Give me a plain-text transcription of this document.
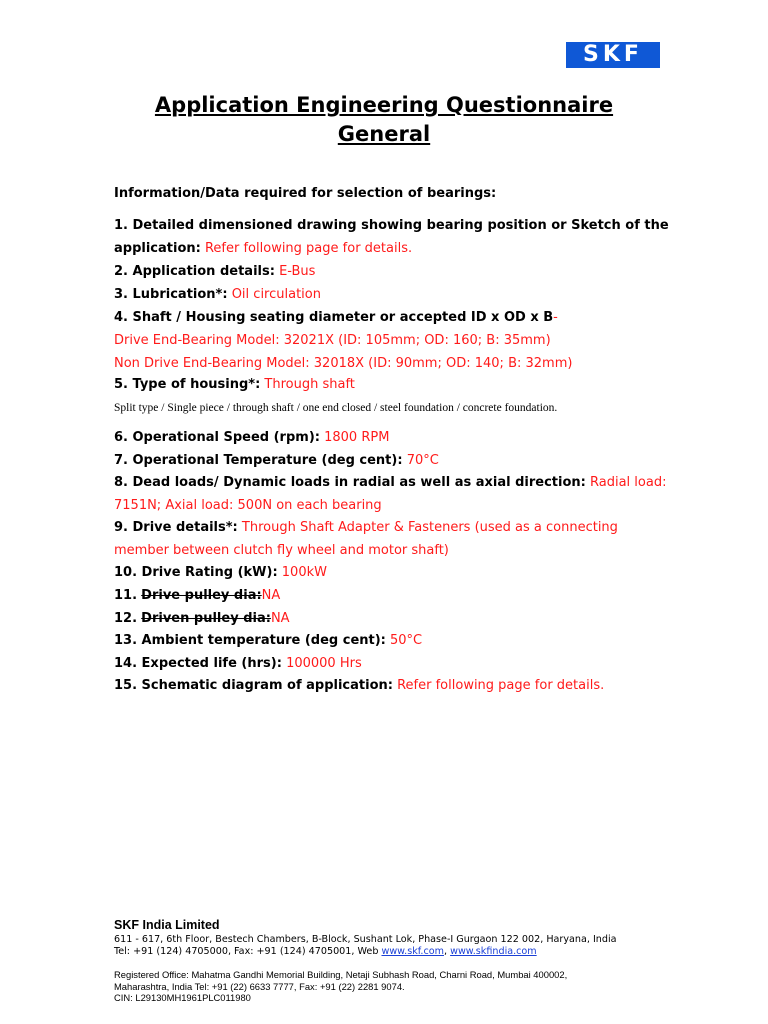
SKF
Application Engineering Questionnaire
General
Information/Data required for selection of bearings:
1. Detailed dimensioned drawing showing bearing position or Sketch of the
application: Refer following page for details.
2. Application details: E-Bus
3. Lubrication*: Oil circulation
4. Shaft / Housing seating diameter or accepted ID x OD x B-
Drive End-Bearing Model: 32021X (ID: 105mm; OD: 160; B: 35mm)
Non Drive End-Bearing Model: 32018X (ID: 90mm; OD: 140; B: 32mm)
5. Type of housing*: Through shaft
Split type / Single piece / through shaft / one end closed / steel foundation / concrete foundation.
6. Operational Speed (rpm): 1800 RPM
7. Operational Temperature (deg cent): 70°C
8. Dead loads/ Dynamic loads in radial as well as axial direction: Radial load:
7151N; Axial load: 500N on each bearing
9. Drive details*: Through Shaft Adapter & Fasteners (used as a connecting
member between clutch fly wheel and motor shaft)
10. Drive Rating (kW): 100kW
11. Drive pulley dia:NA
12. Driven pulley dia:NA
13. Ambient temperature (deg cent): 50°C
14. Expected life (hrs): 100000 Hrs
15. Schematic diagram of application: Refer following page for details.
SKF India Limited
611 - 617, 6th Floor, Bestech Chambers, B-Block, Sushant Lok, Phase-I Gurgaon 122 002, Haryana, India
Tel: +91 (124) 4705000, Fax: +91 (124) 4705001, Web www.skf.com, www.skfindia.com
Registered Office: Mahatma Gandhi Memorial Building, Netaji Subhash Road, Charni Road, Mumbai 400002,
Maharashtra, India Tel: +91 (22) 6633 7777, Fax: +91 (22) 2281 9074.
CIN: L29130MH1961PLC011980
